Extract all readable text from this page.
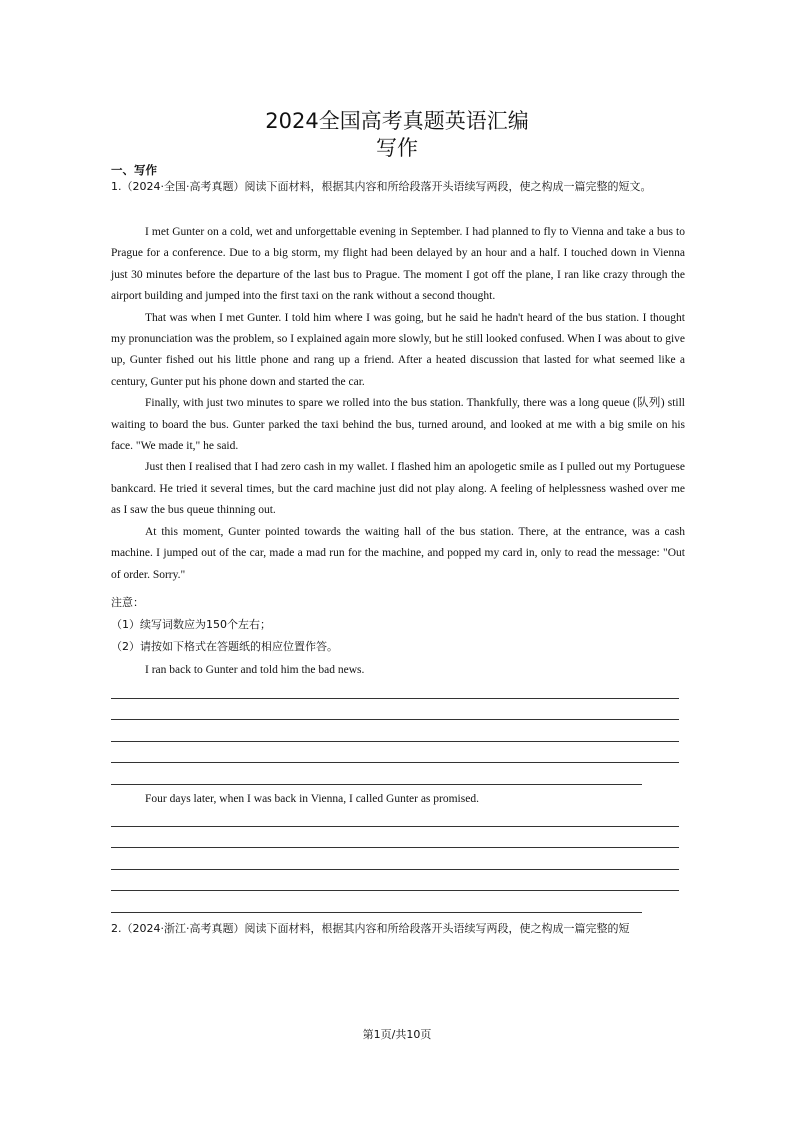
2024全国高考真题英语汇编
写作
一、写作

1.（2024·全国·高考真题）阅读下面材料，根据其内容和所给段落开头语续写两段，使之构成一篇完整的短文。

I met Gunter on a cold, wet and unforgettable evening in September. I had planned to fly to Vienna and take a bus to Prague for a conference. Due to a big storm, my flight had been delayed by an hour and a half. I touched down in Vienna just 30 minutes before the departure of the last bus to Prague. The moment I got off the plane, I ran like crazy through the airport building and jumped into the first taxi on the rank without a second thought.

That was when I met Gunter. I told him where I was going, but he said he hadn't heard of the bus station. I thought my pronunciation was the problem, so I explained again more slowly, but he still looked confused. When I was about to give up, Gunter fished out his little phone and rang up a friend. After a heated discussion that lasted for what seemed like a century, Gunter put his phone down and started the car.

Finally, with just two minutes to spare we rolled into the bus station. Thankfully, there was a long queue (队列) still waiting to board the bus. Gunter parked the taxi behind the bus, turned around, and looked at me with a big smile on his face. "We made it," he said.

Just then I realised that I had zero cash in my wallet. I flashed him an apologetic smile as I pulled out my Portuguese bankcard. He tried it several times, but the card machine just did not play along. A feeling of helplessness washed over me as I saw the bus queue thinning out.

At this moment, Gunter pointed towards the waiting hall of the bus station. There, at the entrance, was a cash machine. I jumped out of the car, made a mad run for the machine, and popped my card in, only to read the message: "Out of order. Sorry."

注意：
（1）续写词数应为150个左右；
（2）请按如下格式在答题纸的相应位置作答。
I ran back to Gunter and told him the bad news.
Four days later, when I was back in Vienna, I called Gunter as promised.

2.（2024·浙江·高考真题）阅读下面材料，根据其内容和所给段落开头语续写两段，使之构成一篇完整的短

第1页/共10页
